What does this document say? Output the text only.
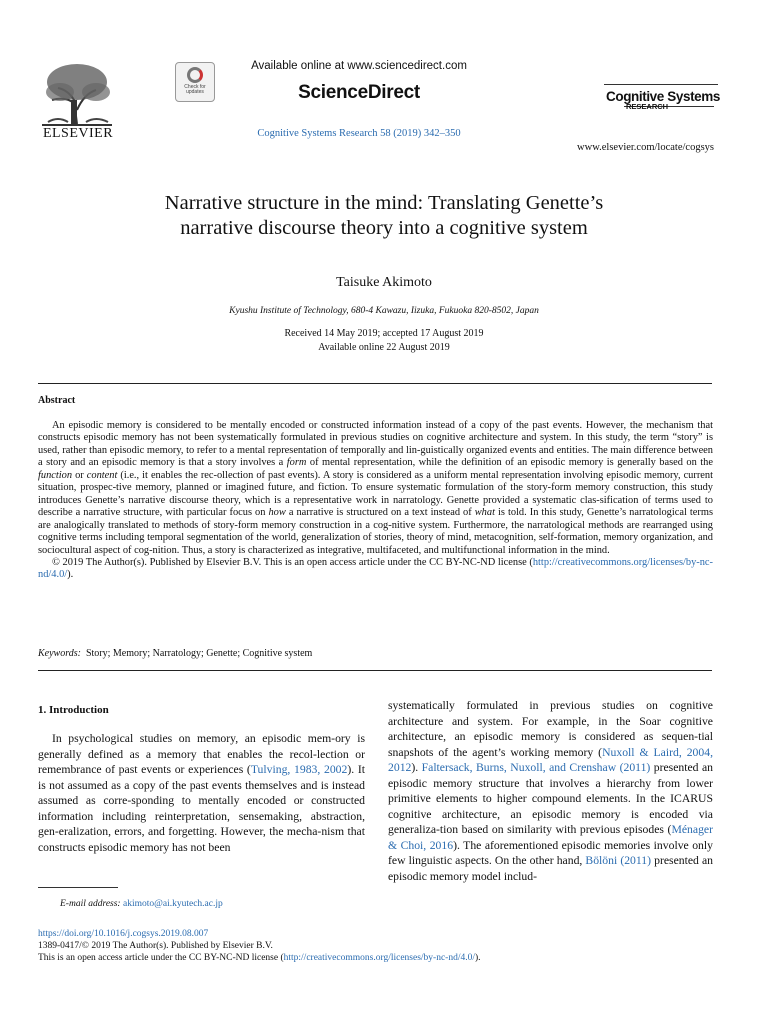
ELSEVIER
Check for updates
Available online at www.sciencedirect.com
ScienceDirect
Cognitive Systems Research 58 (2019) 342–350
Cognitive Systems
RESEARCH
www.elsevier.com/locate/cogsys
Narrative structure in the mind: Translating Genette’s
narrative discourse theory into a cognitive system
Taisuke Akimoto
Kyushu Institute of Technology, 680-4 Kawazu, Iizuka, Fukuoka 820-8502, Japan
Received 14 May 2019; accepted 17 August 2019
Available online 22 August 2019
Abstract

An episodic memory is considered to be mentally encoded or constructed information instead of a copy of the past events. However, the mechanism that constructs episodic memory has not been systematically formulated in previous studies on cognitive architecture and system. In this study, the term “story” is used, rather than episodic memory, to refer to a mental representation of temporally and lin-guistically organized events and entities. The main difference between a story and an episodic memory is that a story involves a form of mental representation, while the definition of an episodic memory is generally based on the function or content (i.e., it enables the rec-ollection of past events). A story is considered as a uniform mental representation involving episodic memory, current situation, prospec-tive memory, planned or imagined future, and fiction. To ensure systematic formulation of the story-form memory construction, this study introduces Genette’s narrative discourse theory, which is a representative work in narratology. Genette provided a systematic clas-sification of terms used to describe a narrative structure, with particular focus on how a narrative is structured on a text instead of what is told. In this study, Genette’s narratological terms are analogically translated to methods of story-form memory construction in a cog-nitive system. Furthermore, the narratological methods are rearranged using cognitive terms including temporal segmentation of the world, generalization of stories, theory of mind, metacognition, self-formation, memory organization, and sociocultural aspect of cog-nition. Thus, a story is characterized as integrative, multifaceted, and multifunctional information in the mind.

© 2019 The Author(s). Published by Elsevier B.V. This is an open access article under the CC BY-NC-ND license (http://creativecommons.org/licenses/by-nc-nd/4.0/).

Keywords: Story; Memory; Narratology; Genette; Cognitive system
1. Introduction
In psychological studies on memory, an episodic mem-ory is generally defined as a memory that enables the recol-lection or remembrance of past events or experiences (Tulving, 1983, 2002). It is not assumed as a copy of the past events themselves and is instead assumed as corre-sponding to mentally encoded or constructed information including reinterpretation, sensemaking, abstraction, gen-eralization, errors, and forgetting. However, the mecha-nism that constructs episodic memory has not been
systematically formulated in previous studies on cognitive architecture and system. For example, in the Soar cognitive architecture, an episodic memory is considered as sequen-tial snapshots of the agent’s working memory (Nuxoll & Laird, 2004, 2012). Faltersack, Burns, Nuxoll, and Crenshaw (2011) presented an episodic memory structure that involves a hierarchy from lower primitive elements to higher compound elements. In the ICARUS cognitive architecture, an episodic memory is encoded via generaliza-tion based on similarity with previous episodes (Ménager & Choi, 2016). The aforementioned episodic memories involve only few linguistic aspects. On the other hand, Bölöni (2011) presented an episodic memory model includ-
E-mail address: akimoto@ai.kyutech.ac.jp
https://doi.org/10.1016/j.cogsys.2019.08.007
1389-0417/© 2019 The Author(s). Published by Elsevier B.V.
This is an open access article under the CC BY-NC-ND license (http://creativecommons.org/licenses/by-nc-nd/4.0/).
